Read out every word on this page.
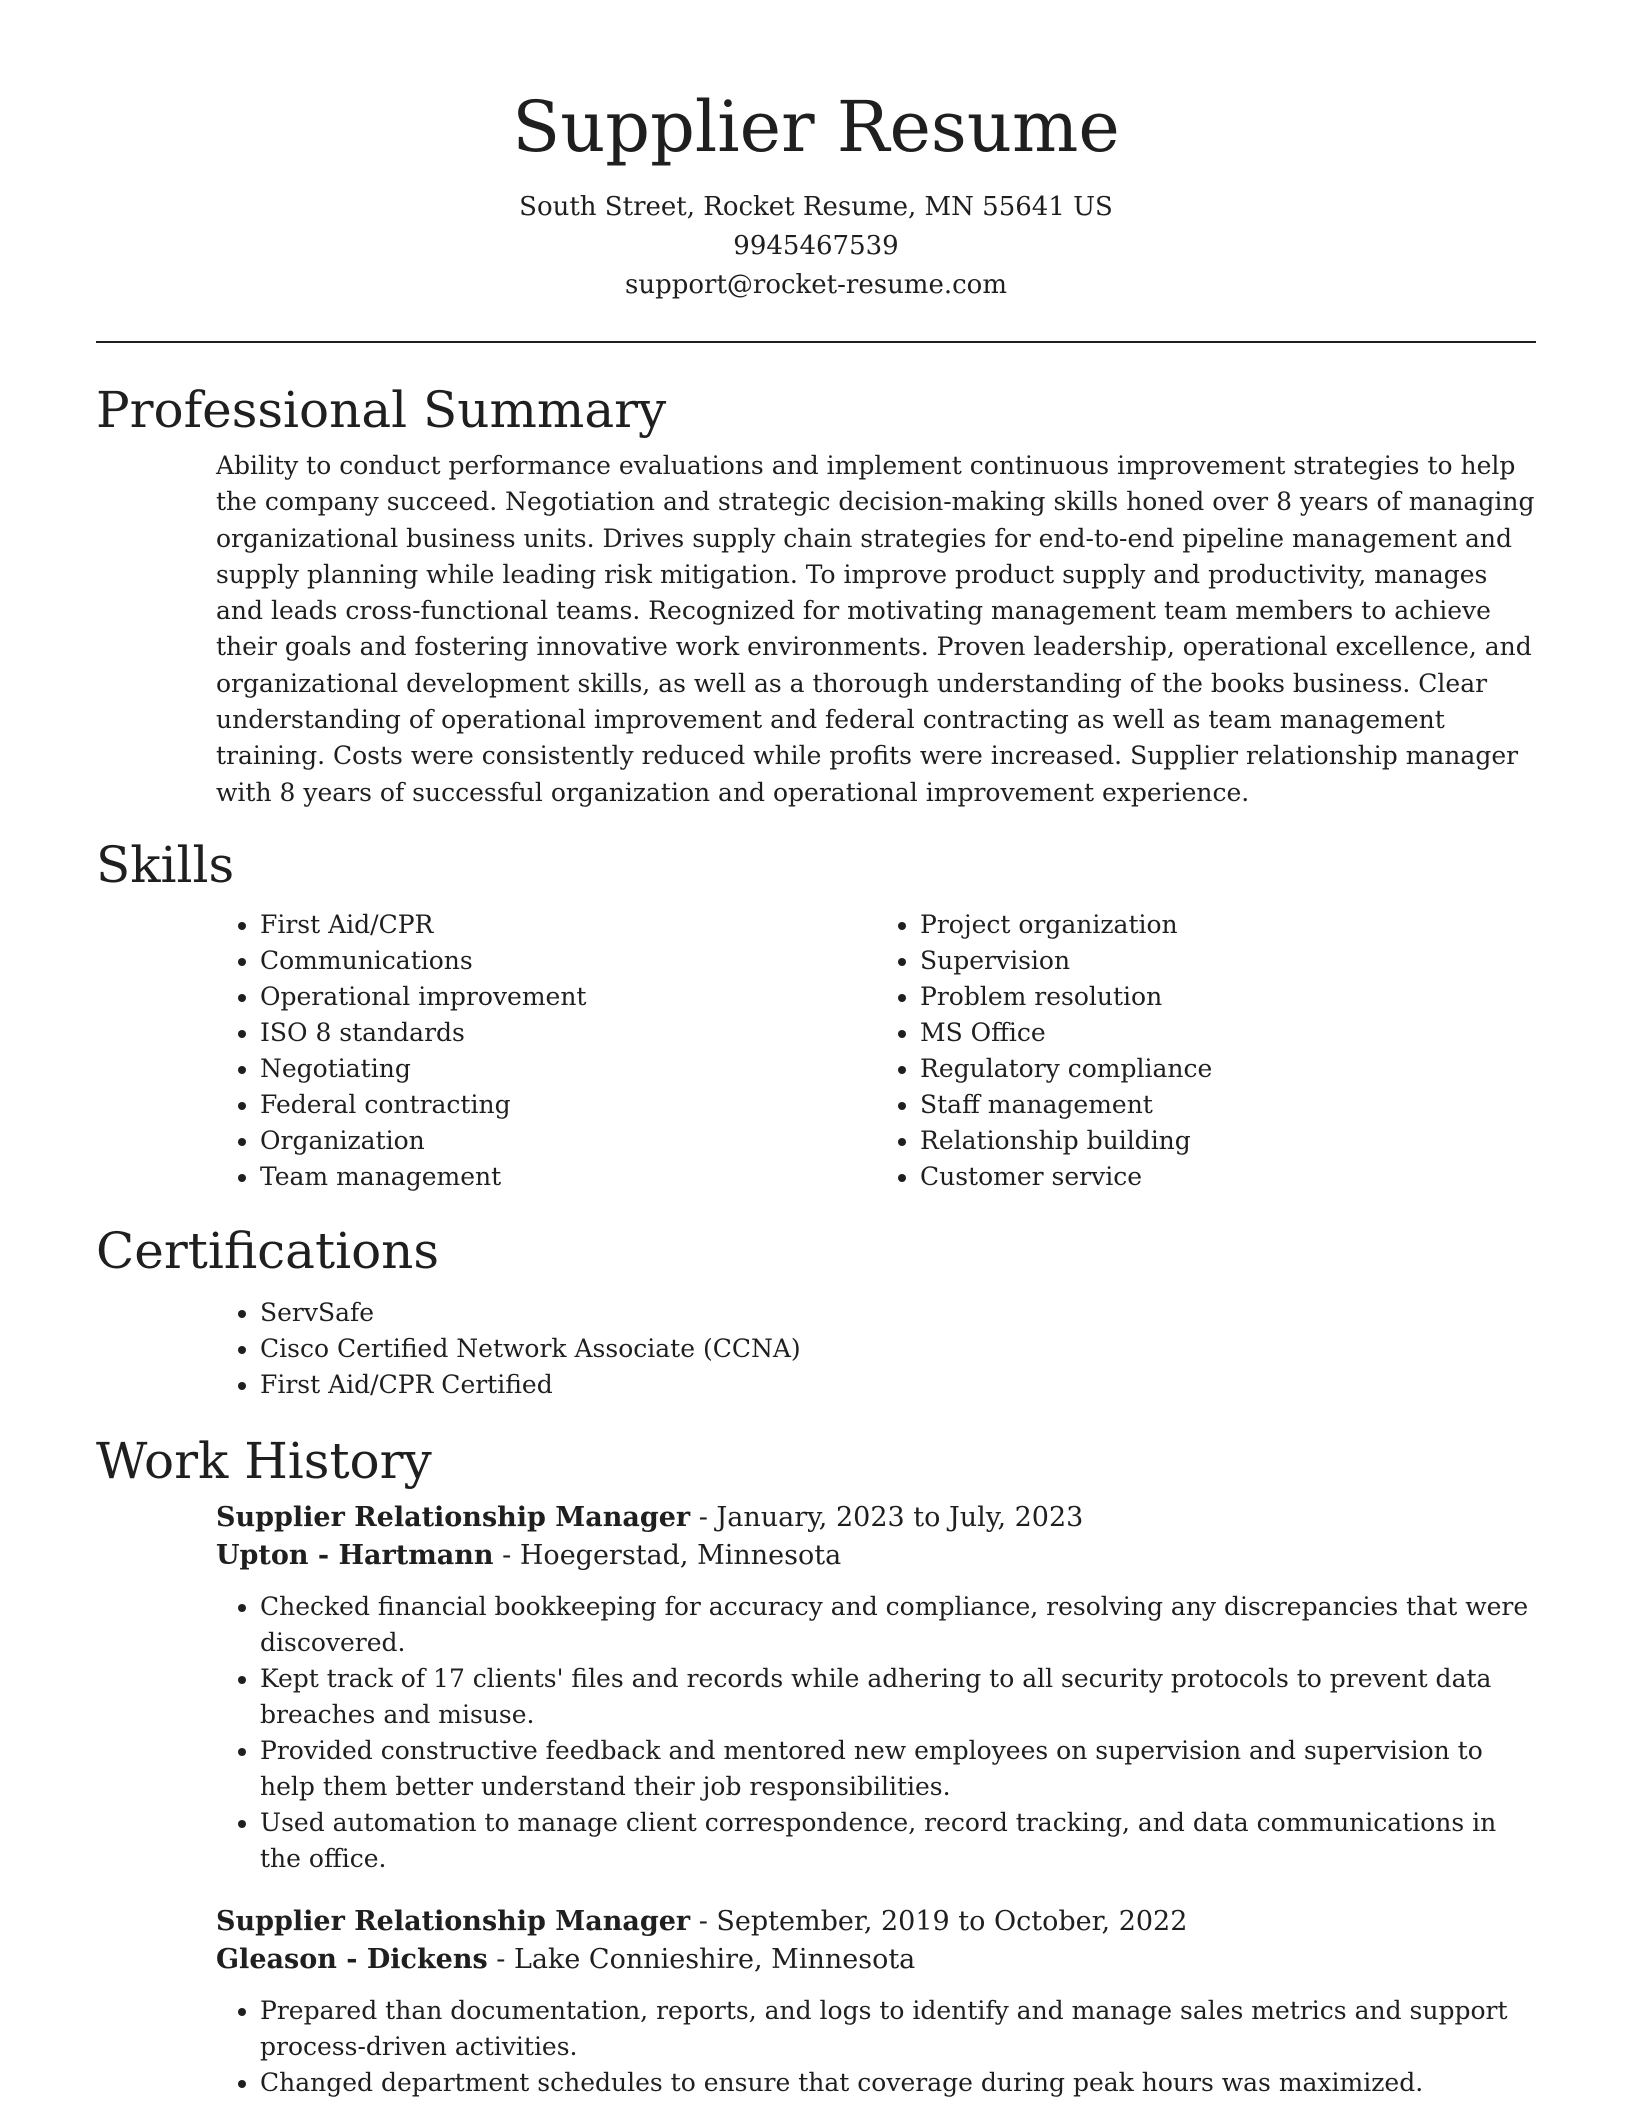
Supplier Resume
South Street, Rocket Resume, MN 55641 US
9945467539
support@rocket-resume.com
Professional Summary

Ability to conduct performance evaluations and implement continuous improvement strategies to help the company succeed. Negotiation and strategic decision-making skills honed over 8 years of managing organizational business units. Drives supply chain strategies for end-to-end pipeline management and supply planning while leading risk mitigation. To improve product supply and productivity, manages and leads cross-functional teams. Recognized for motivating management team members to achieve their goals and fostering innovative work environments. Proven leadership, operational excellence, and organizational development skills, as well as a thorough understanding of the books business. Clear understanding of operational improvement and federal contracting as well as team management training. Costs were consistently reduced while profits were increased. Supplier relationship manager with 8 years of successful organization and operational improvement experience.

Skills
• First Aid/CPR
• Communications
• Operational improvement
• ISO 8 standards
• Negotiating
• Federal contracting
• Organization
• Team management
• Project organization
• Supervision
• Problem resolution
• MS Office
• Regulatory compliance
• Staff management
• Relationship building
• Customer service
Certifications
• ServSafe
• Cisco Certified Network Associate (CCNA)
• First Aid/CPR Certified
Work History
Supplier Relationship Manager - January, 2023 to July, 2023
Upton - Hartmann - Hoegerstad, Minnesota
• Checked financial bookkeeping for accuracy and compliance, resolving any discrepancies that were discovered.
• Kept track of 17 clients' files and records while adhering to all security protocols to prevent data breaches and misuse.
• Provided constructive feedback and mentored new employees on supervision and supervision to help them better understand their job responsibilities.
• Used automation to manage client correspondence, record tracking, and data communications in the office.
Supplier Relationship Manager - September, 2019 to October, 2022
Gleason - Dickens - Lake Connieshire, Minnesota
• Prepared than documentation, reports, and logs to identify and manage sales metrics and support process-driven activities.
• Changed department schedules to ensure that coverage during peak hours was maximized.
